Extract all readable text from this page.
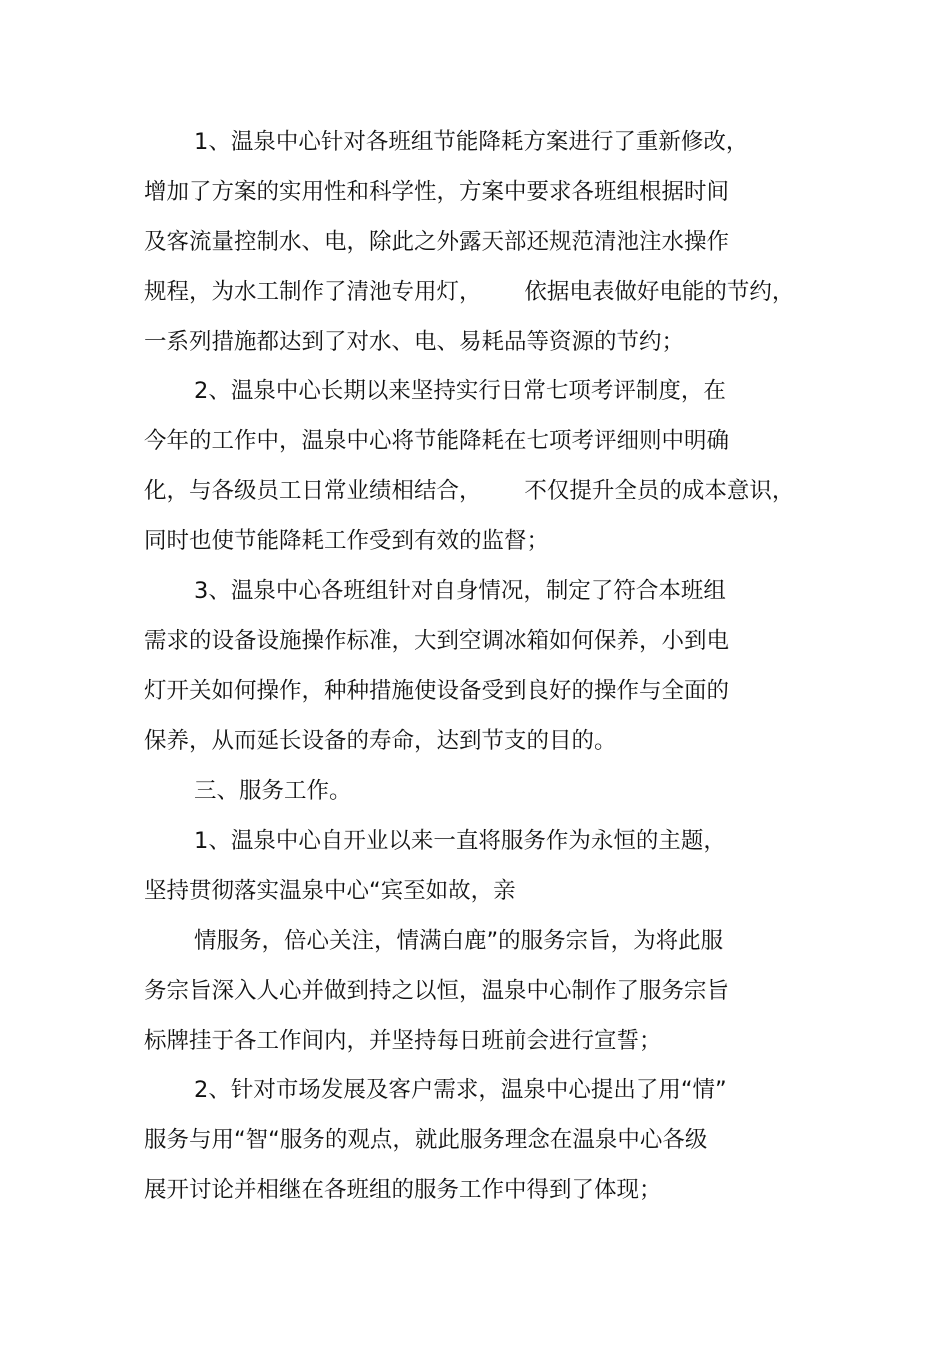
1、温泉中心针对各班组节能降耗方案进行了重新修改，

增加了方案的实用性和科学性，方案中要求各班组根据时间

及客流量控制水、电，除此之外露天部还规范清池注水操作

规程，为水工制作了清池专用灯，      依据电表做好电能的节约，

一系列措施都达到了对水、电、易耗品等资源的节约；

2、温泉中心长期以来坚持实行日常七项考评制度，在

今年的工作中，温泉中心将节能降耗在七项考评细则中明确

化，与各级员工日常业绩相结合，      不仅提升全员的成本意识，

同时也使节能降耗工作受到有效的监督；

3、温泉中心各班组针对自身情况，制定了符合本班组

需求的设备设施操作标准，大到空调冰箱如何保养，小到电

灯开关如何操作，种种措施使设备受到良好的操作与全面的

保养，从而延长设备的寿命，达到节支的目的。

三、服务工作。

1、温泉中心自开业以来一直将服务作为永恒的主题，

坚持贯彻落实温泉中心“宾至如故，亲

情服务，倍心关注，情满白鹿”的服务宗旨，为将此服

务宗旨深入人心并做到持之以恒，温泉中心制作了服务宗旨

标牌挂于各工作间内，并坚持每日班前会进行宣誓；

2、针对市场发展及客户需求，温泉中心提出了用“情”

服务与用“智“服务的观点，就此服务理念在温泉中心各级

展开讨论并相继在各班组的服务工作中得到了体现；
